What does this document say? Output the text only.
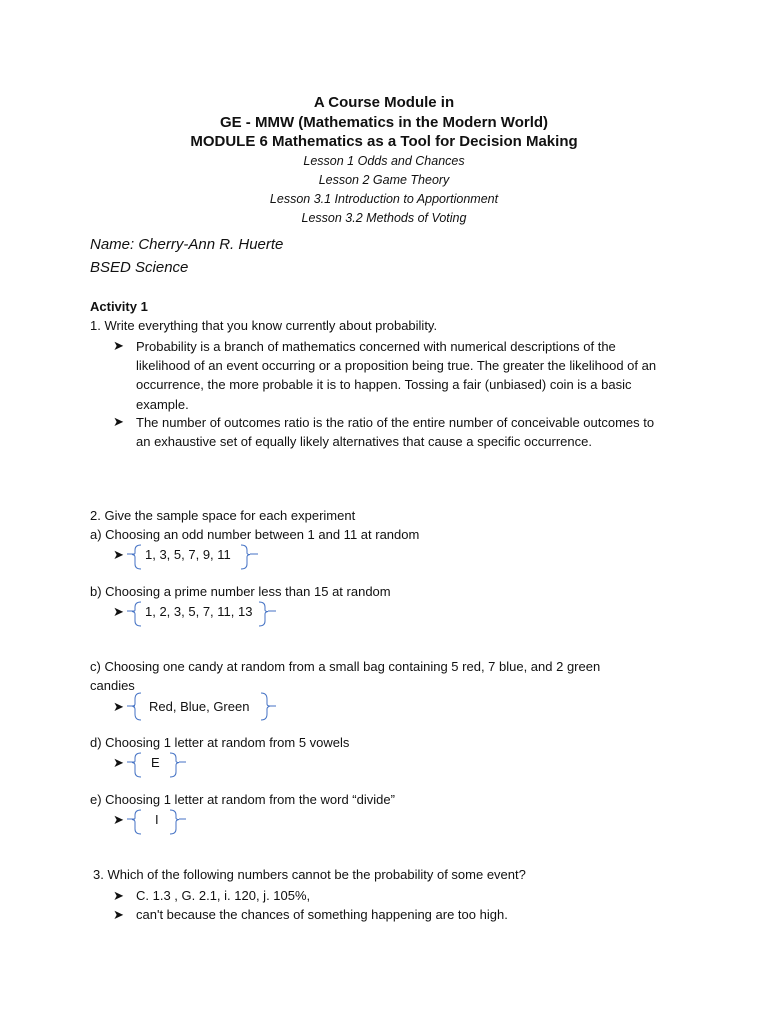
A Course Module in
GE - MMW (Mathematics in the Modern World)
MODULE 6 Mathematics as a Tool for Decision Making
Lesson 1 Odds and Chances
Lesson 2 Game Theory
Lesson 3.1 Introduction to Apportionment
Lesson 3.2 Methods of Voting
Name: Cherry-Ann R. Huerte
BSED Science
Activity 1
1. Write everything that you know currently about probability.
➤ Probability is a branch of mathematics concerned with numerical descriptions of the likelihood of an event occurring or a proposition being true. The greater the likelihood of an occurrence, the more probable it is to happen. Tossing a fair (unbiased) coin is a basic example.
➤ The number of outcomes ratio is the ratio of the entire number of conceivable outcomes to an exhaustive set of equally likely alternatives that cause a specific occurrence.
2. Give the sample space for each experiment
a) Choosing an odd number between 1 and 11 at random
➤ 1, 3, 5, 7, 9, 11
b) Choosing a prime number less than 15 at random
➤ 1, 2, 3, 5, 7, 11, 13
c) Choosing one candy at random from a small bag containing 5 red, 7 blue, and 2 green
candies
➤ Red, Blue, Green
d) Choosing 1 letter at random from 5 vowels
➤ E
e) Choosing 1 letter at random from the word “divide”
➤ I
3. Which of the following numbers cannot be the probability of some event?
➤ C. 1.3 , G. 2.1, i. 120, j. 105%,
➤ can't because the chances of something happening are too high.
